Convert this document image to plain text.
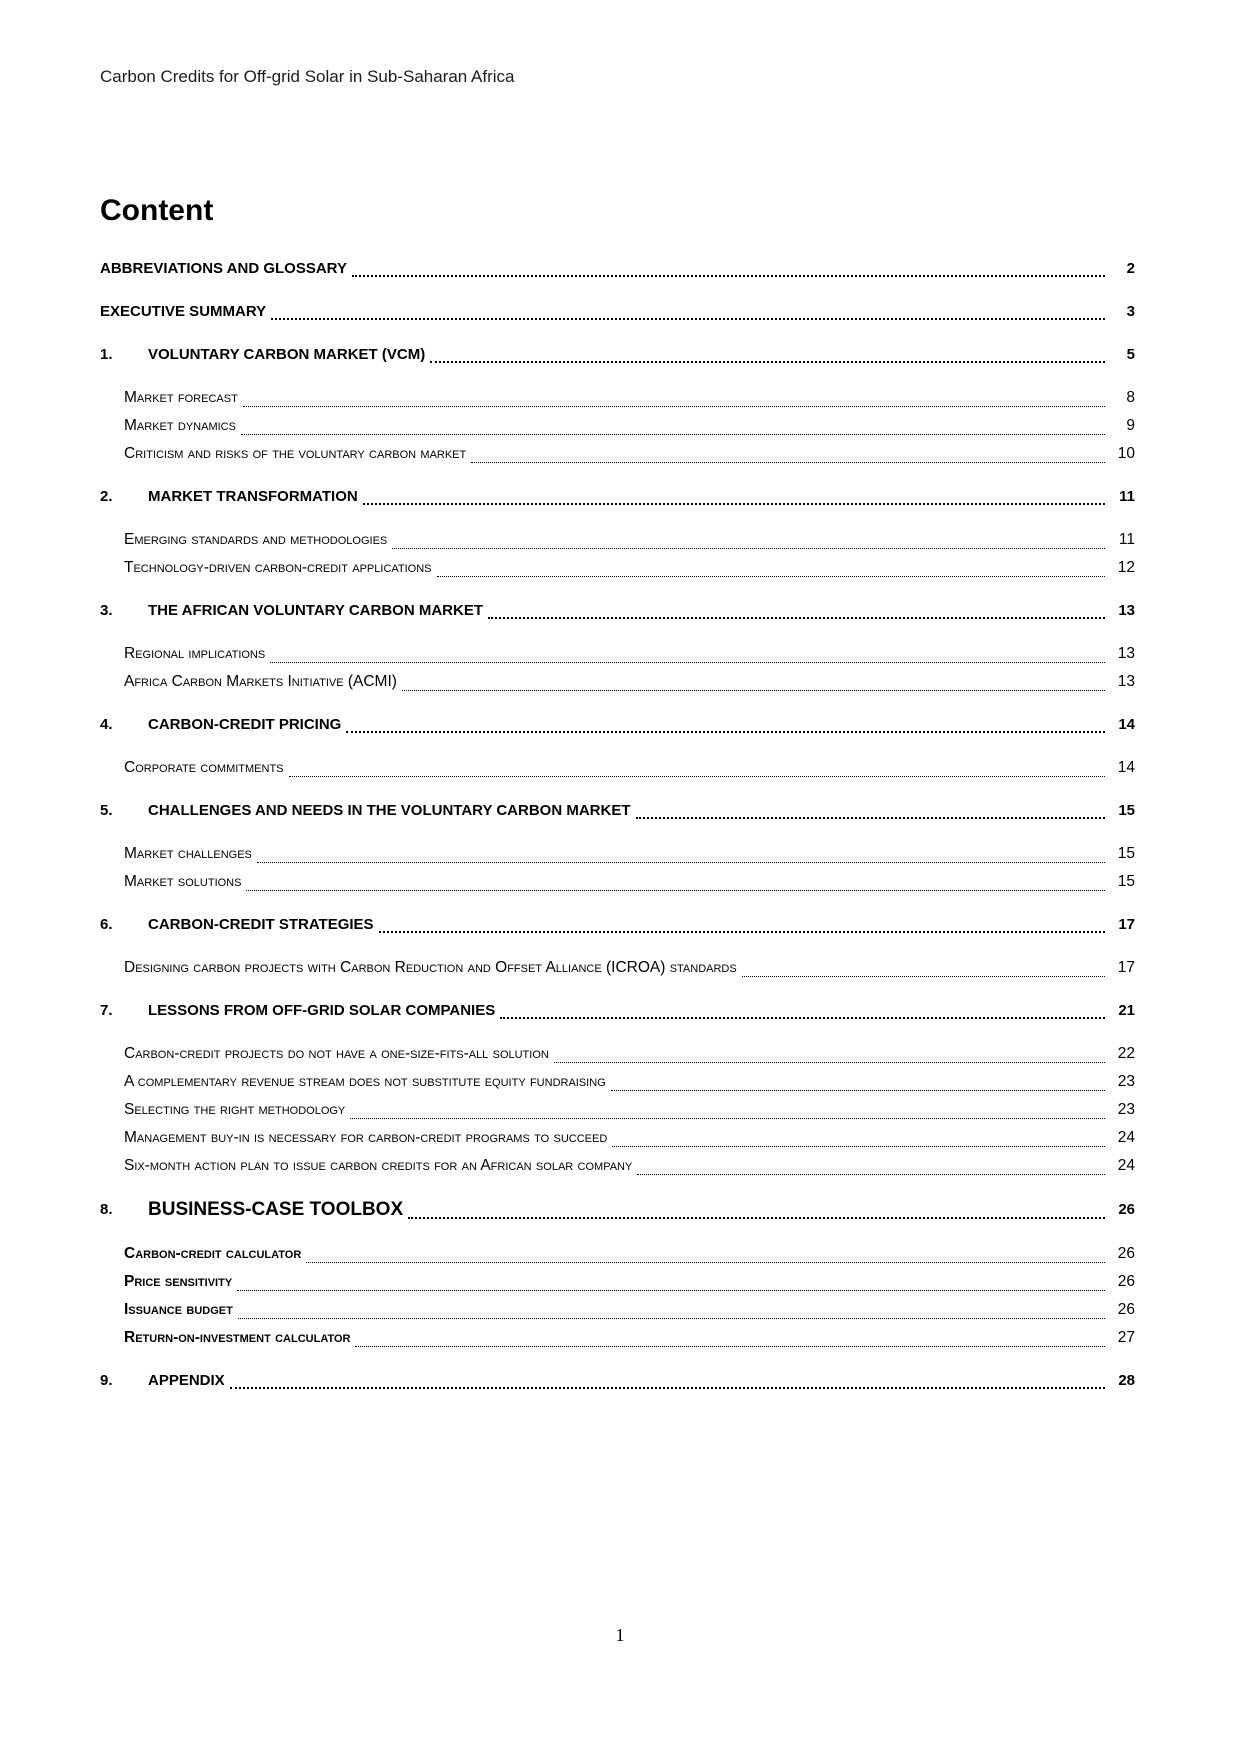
Carbon Credits for Off-grid Solar in Sub-Saharan Africa
Content
ABBREVIATIONS AND GLOSSARY	2
EXECUTIVE SUMMARY	3
1.	VOLUNTARY CARBON MARKET (VCM)	5
Market forecast	8
Market dynamics	9
Criticism and risks of the voluntary carbon market	10
2.	MARKET TRANSFORMATION	11
Emerging standards and methodologies	11
Technology-driven carbon-credit applications	12
3.	THE AFRICAN VOLUNTARY CARBON MARKET	13
Regional implications	13
Africa Carbon Markets Initiative (ACMI)	13
4.	CARBON-CREDIT PRICING	14
Corporate commitments	14
5.	CHALLENGES AND NEEDS IN THE VOLUNTARY CARBON MARKET	15
Market challenges	15
Market solutions	15
6.	CARBON-CREDIT STRATEGIES	17
Designing carbon projects with Carbon Reduction and Offset Alliance (ICROA) standards	17
7.	LESSONS FROM OFF-GRID SOLAR COMPANIES	21
Carbon-credit projects do not have a one-size-fits-all solution	22
A complementary revenue stream does not substitute equity fundraising	23
Selecting the right methodology	23
Management buy-in is necessary for carbon-credit programs to succeed	24
Six-month action plan to issue carbon credits for an African solar company	24
8.	BUSINESS-CASE TOOLBOX	26
Carbon-credit calculator	26
Price sensitivity	26
Issuance budget	26
Return-on-investment calculator	27
9.	APPENDIX	28
1
